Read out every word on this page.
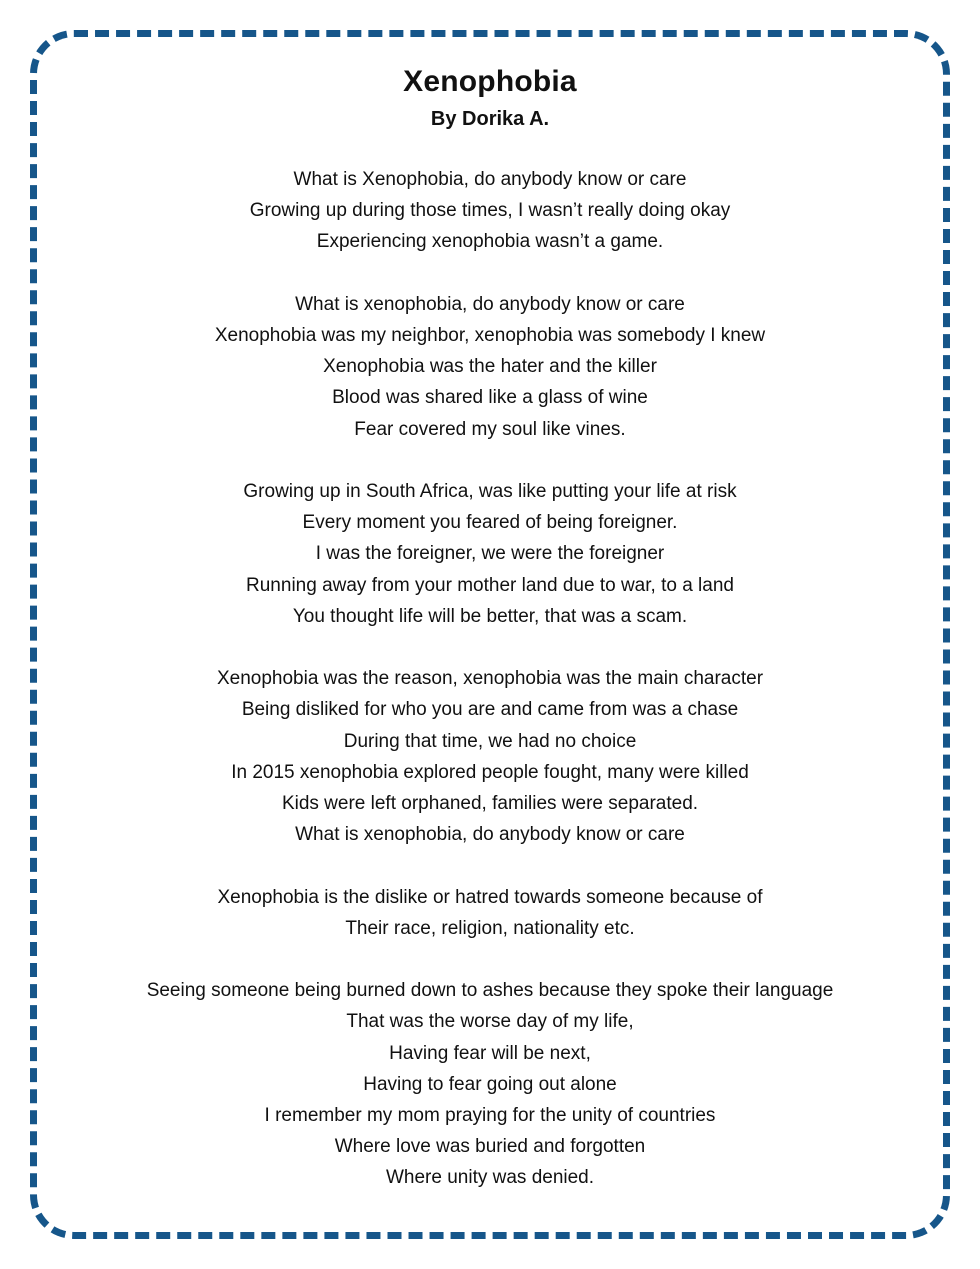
Xenophobia
By Dorika A.
What is Xenophobia, do anybody know or care
Growing up during those times, I wasn’t really doing okay
Experiencing xenophobia wasn’t a game.
What is xenophobia, do anybody know or care
Xenophobia was my neighbor, xenophobia was somebody I knew
Xenophobia was the hater and the killer
Blood was shared like a glass of wine
Fear covered my soul like vines.
Growing up in South Africa, was like putting your life at risk
Every moment you feared of being foreigner.
I was the foreigner, we were the foreigner
Running away from your mother land due to war, to a land
You thought life will be better, that was a scam.
Xenophobia was the reason, xenophobia was the main character
Being disliked for who you are and came from was a chase
During that time, we had no choice
In 2015 xenophobia explored people fought, many were killed
Kids were left orphaned, families were separated.
What is xenophobia, do anybody know or care
Xenophobia is the dislike or hatred towards someone because of
Their race, religion, nationality etc.
Seeing someone being burned down to ashes because they spoke their language
That was the worse day of my life,
Having fear will be next,
Having to fear going out alone
I remember my mom praying for the unity of countries
Where love was buried and forgotten
Where unity was denied.
